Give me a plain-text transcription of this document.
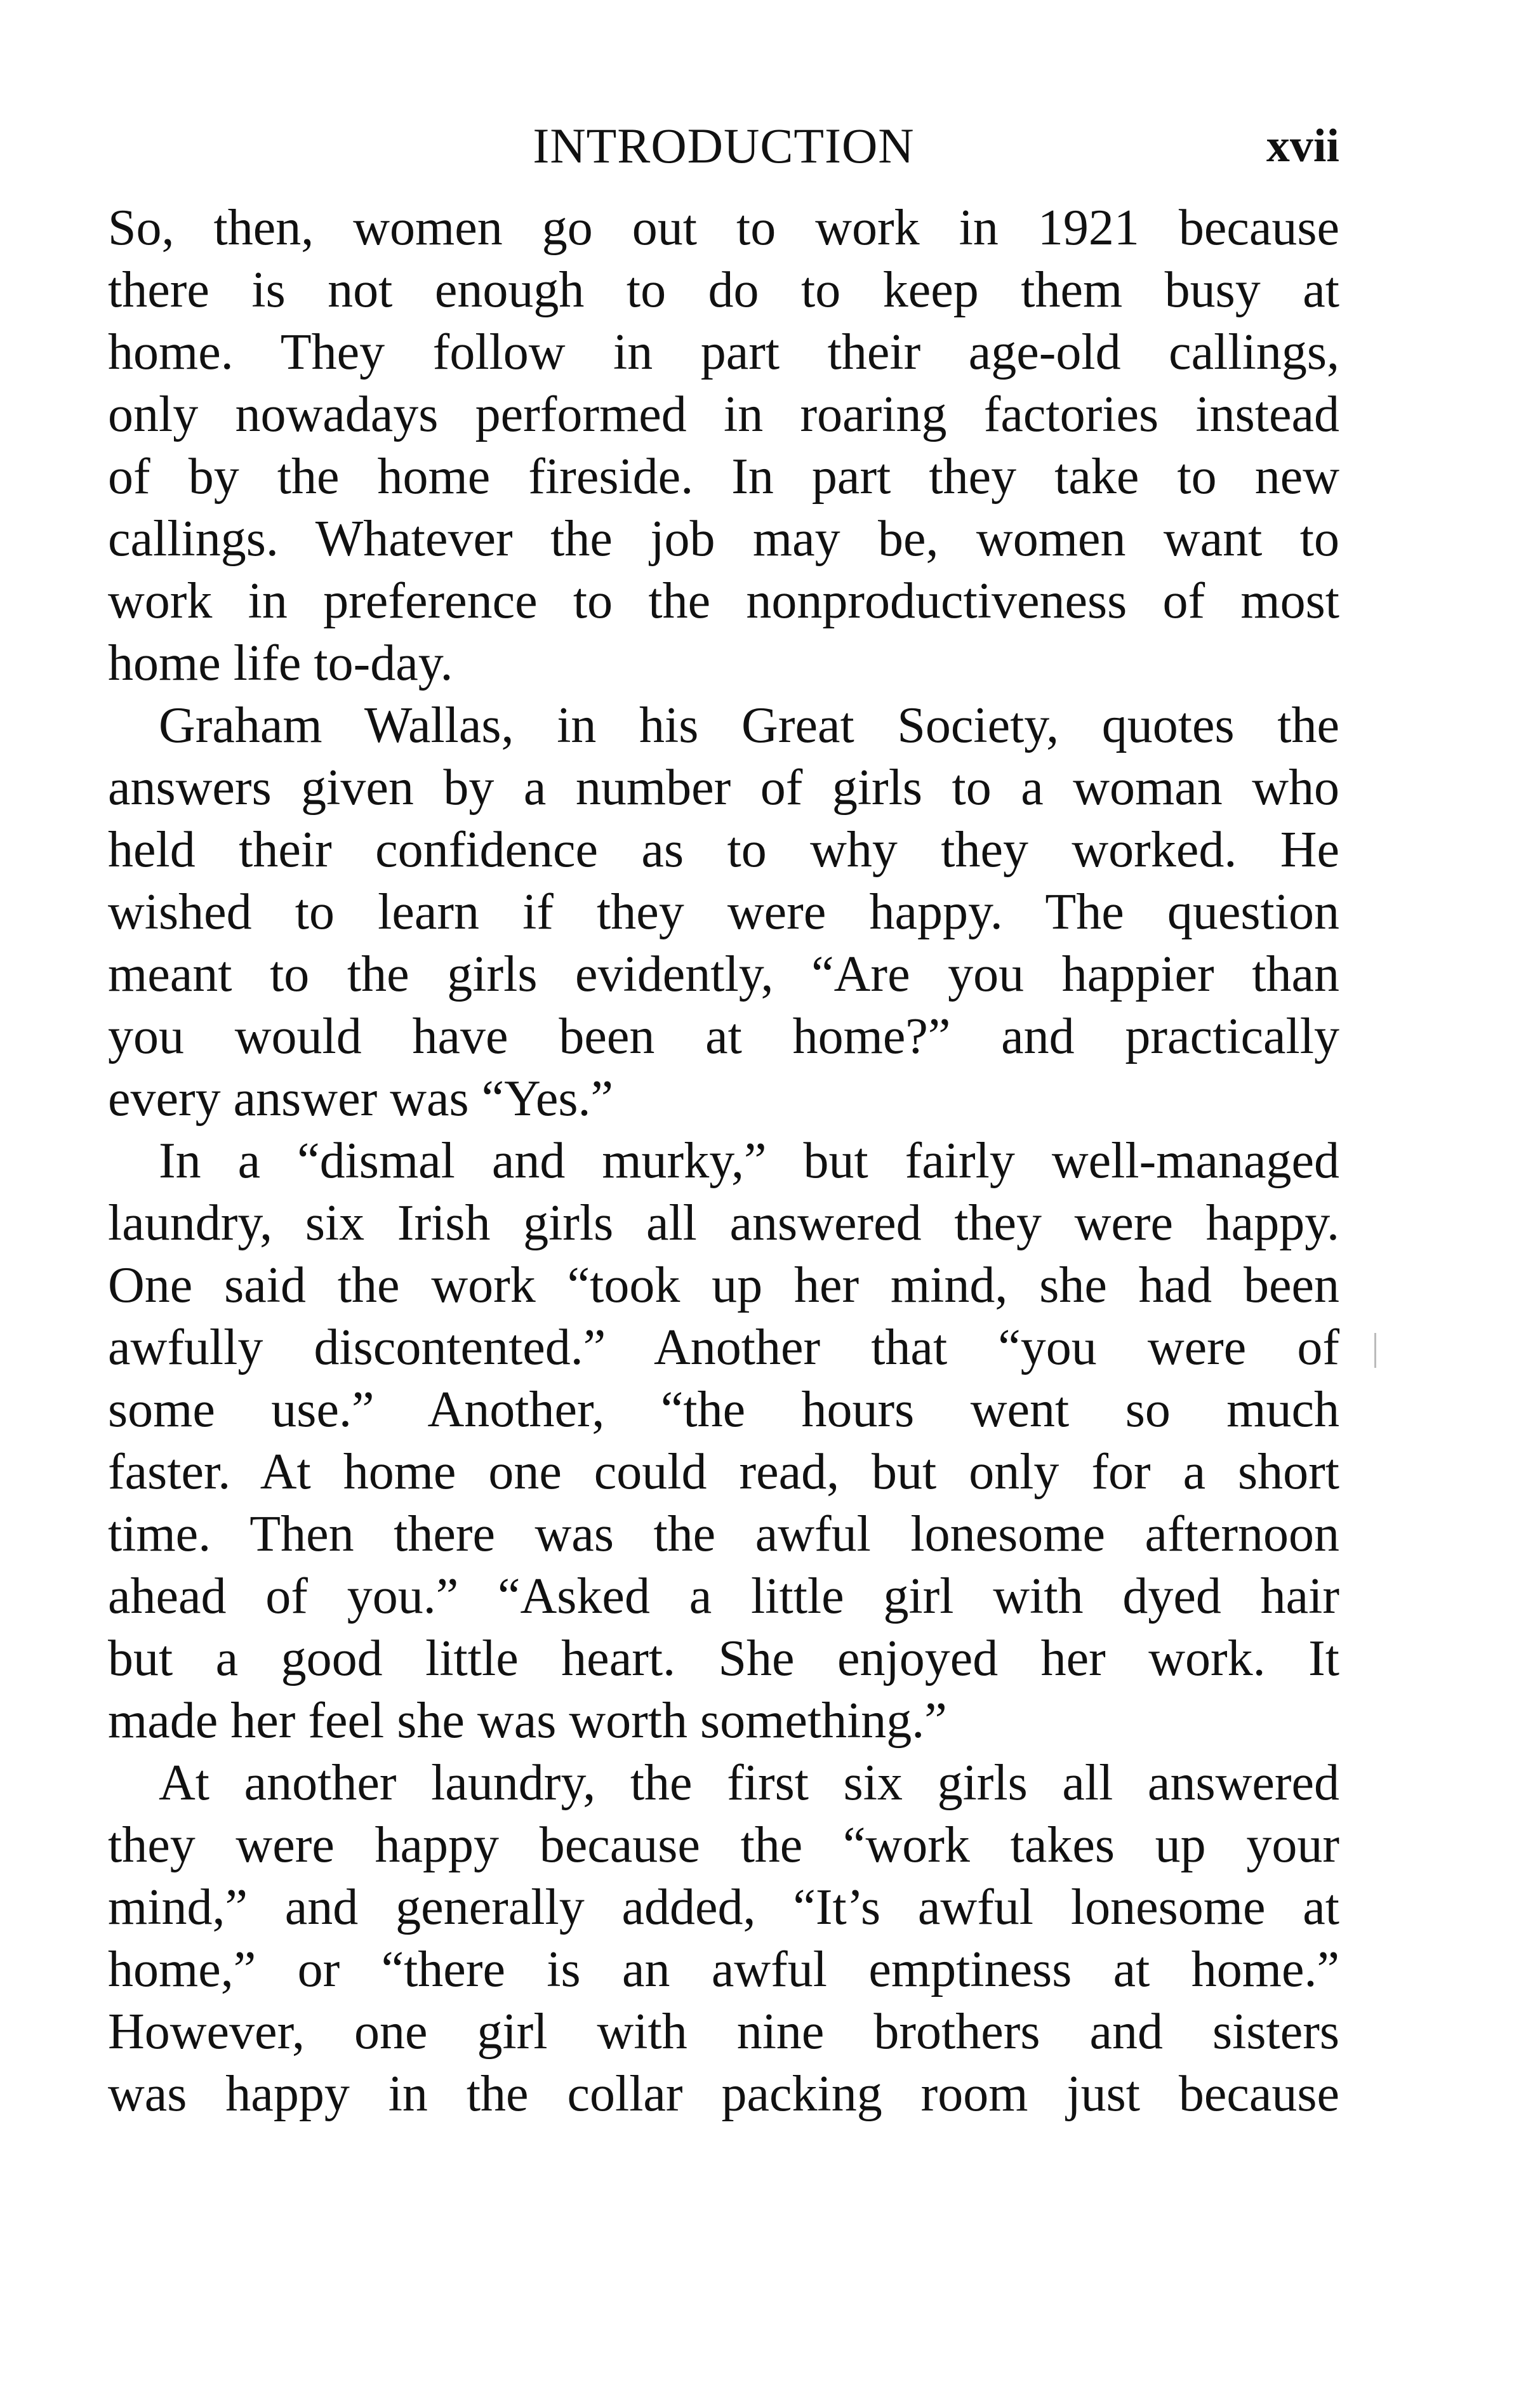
INTRODUCTION	xvii
So, then, women go out to work in 1921 because
there is not enough to do to keep them busy at
home. They follow in part their age-old callings,
only nowadays performed in roaring factories instead
of by the home fireside. In part they take to new
callings. Whatever the job may be, women want to
work in preference to the nonproductiveness of most
home life to-day.
Graham Wallas, in his Great Society, quotes the
answers given by a number of girls to a woman who
held their confidence as to why they worked. He
wished to learn if they were happy. The question
meant to the girls evidently, “Are you happier than
you would have been at home?” and practically
every answer was “Yes.”
In a “dismal and murky,” but fairly well-managed
laundry, six Irish girls all answered they were happy.
One said the work “took up her mind, she had been
awfully discontented.” Another that “you were of
some use.” Another, “the hours went so much
faster. At home one could read, but only for a short
time. Then there was the awful lonesome afternoon
ahead of you.” “Asked a little girl with dyed hair
but a good little heart. She enjoyed her work. It
made her feel she was worth something.”
At another laundry, the first six girls all answered
they were happy because the “work takes up your
mind,” and generally added, “It’s awful lonesome at
home,” or “there is an awful emptiness at home.”
However, one girl with nine brothers and sisters
was happy in the collar packing room just because
